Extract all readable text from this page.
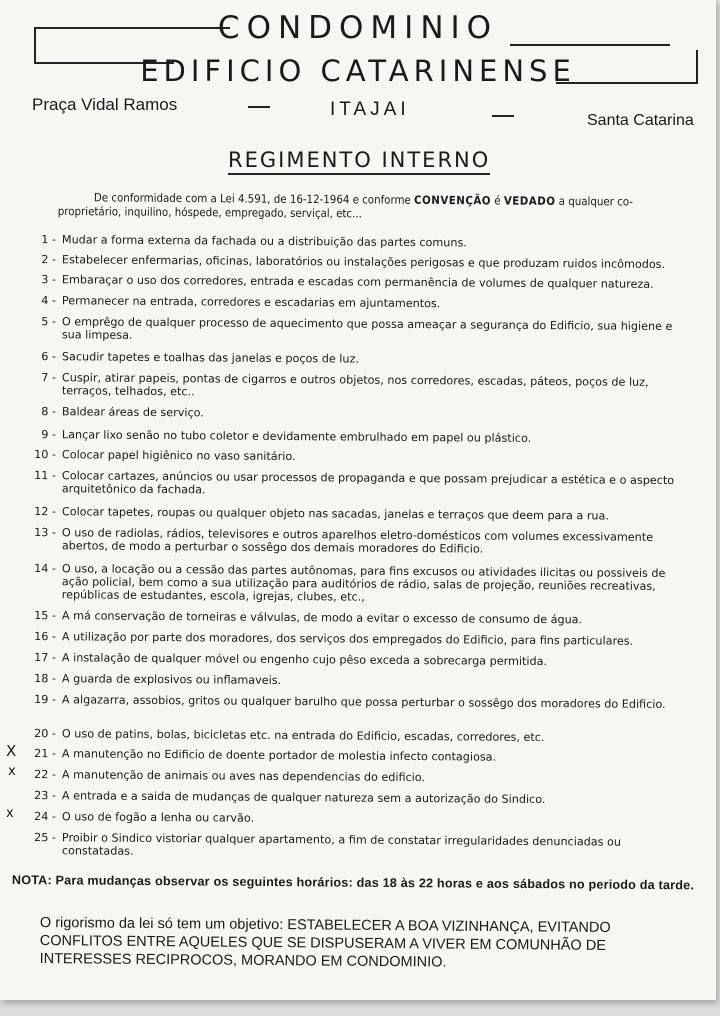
CONDOMINIO
EDIFICIO CATARINENSE
Praça Vidal Ramos	ITAJAI
Santa Catarina
REGIMENTO INTERNO
De conformidade com a Lei 4.591, de 16-12-1964 e conforme CONVENÇÃO é VEDADO a qualquer co-proprietário, inquilino, hóspede, empregado, serviçal, etc...
1 - Mudar a forma externa da fachada ou a distribuição das partes comuns.
2 - Estabelecer enfermarias, oficinas, laboratórios ou instalações perigosas e que produzam ruidos incômodos.
3 - Embaraçar o uso dos corredores, entrada e escadas com permanência de volumes de qualquer natureza.
4 - Permanecer na entrada, corredores e escadarias em ajuntamentos.
5 - O emprêgo de qualquer processo de aquecimento que possa ameaçar a segurança do Edificio, sua higiene e sua limpesa.
6 - Sacudir tapetes e toalhas das janelas e poços de luz.
7 - Cuspir, atirar papeis, pontas de cigarros e outros objetos, nos corredores, escadas, páteos, poços de luz, terraços, telhados, etc..
8 - Baldear áreas de serviço.
9 - Lançar lixo senão no tubo coletor e devidamente embrulhado em papel ou plástico.
10 - Colocar papel higiênico no vaso sanitário.
11 - Colocar cartazes, anúncios ou usar processos de propaganda e que possam prejudicar a estética e o aspecto arquitetônico da fachada.
12 - Colocar tapetes, roupas ou qualquer objeto nas sacadas, janelas e terraços que deem para a rua.
13 - O uso de radiolas, rádios, televisores e outros aparelhos eletro-domésticos com volumes excessivamente abertos, de modo a perturbar o sossêgo dos demais moradores do Edificio.
14 - O uso, a locação ou a cessão das partes autônomas, para fins excusos ou atividades ilicitas ou possiveis de ação policial, bem como a sua utilização para auditórios de rádio, salas de projeção, reuniões recreativas, repúblicas de estudantes, escola, igrejas, clubes, etc.,
15 - A má conservação de torneiras e válvulas, de modo a evitar o excesso de consumo de água.
16 - A utilização por parte dos moradores, dos serviços dos empregados do Edificio, para fins particulares.
17 - A instalação de qualquer móvel ou engenho cujo pêso exceda a sobrecarga permitida.
18 - A guarda de explosivos ou inflamaveis.
19 - A algazarra, assobios, gritos ou qualquer barulho que possa perturbar o sossêgo dos moradores do Edificio.
20 - O uso de patins, bolas, bicicletas etc. na entrada do Edificio, escadas, corredores, etc.
21 - A manutenção no Edificio de doente portador de molestia infecto contagiosa.
22 - A manutenção de animais ou aves nas dependencias do edificio.
23 - A entrada e a saida de mudanças de qualquer natureza sem a autorização do Sindico.
24 - O uso de fogão a lenha ou carvão.
25 - Proibir o Sindico vistoriar qualquer apartamento, a fim de constatar irregularidades denunciadas ou constatadas.
X
x
x
NOTA: Para mudanças observar os seguintes horários: das 18 às 22 horas e aos sábados no periodo da tarde.
O rigorismo da lei só tem um objetivo: ESTABELECER A BOA VIZINHANÇA, EVITANDO CONFLITOS ENTRE AQUELES QUE SE DISPUSERAM A VIVER EM COMUNHÃO DE INTERESSES RECIPROCOS, MORANDO EM CONDOMINIO.
